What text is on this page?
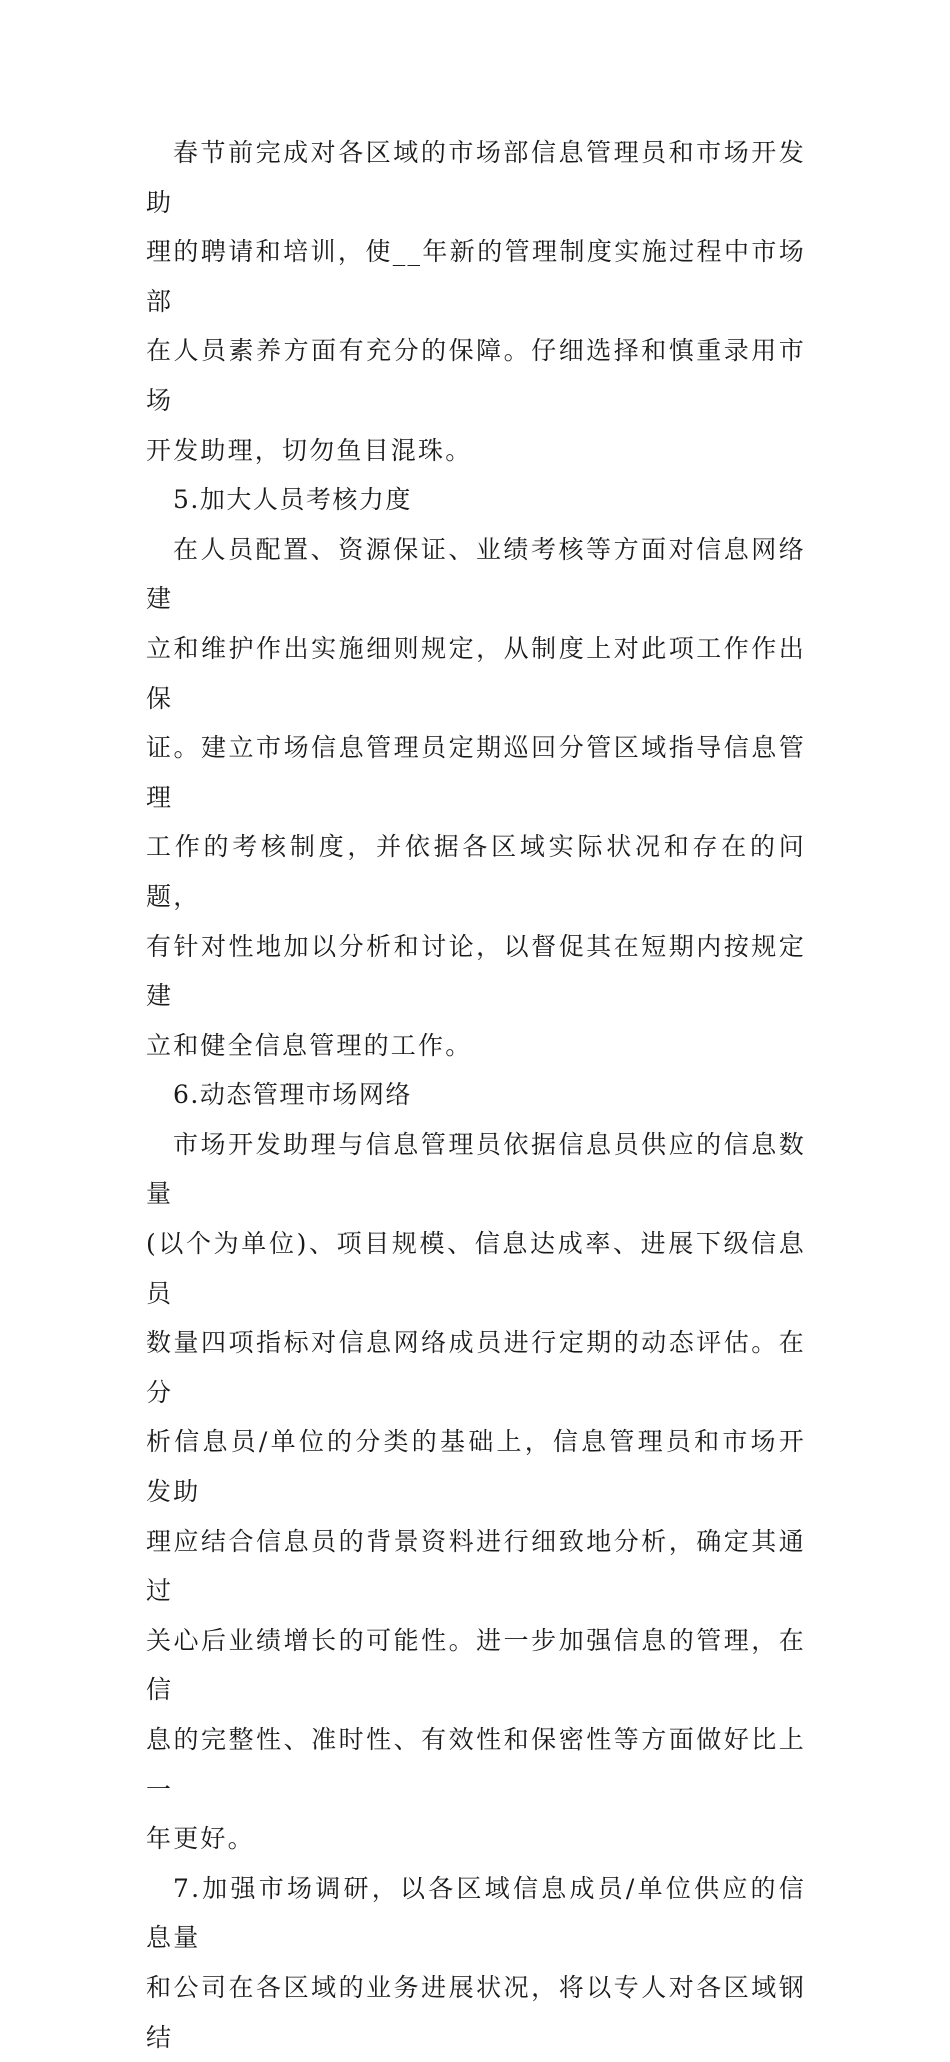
春节前完成对各区域的市场部信息管理员和市场开发助
理的聘请和培训，使__年新的管理制度实施过程中市场部
在人员素养方面有充分的保障。仔细选择和慎重录用市场
开发助理，切勿鱼目混珠。

5.加大人员考核力度

在人员配置、资源保证、业绩考核等方面对信息网络建
立和维护作出实施细则规定，从制度上对此项工作作出保
证。建立市场信息管理员定期巡回分管区域指导信息管理
工作的考核制度，并依据各区域实际状况和存在的问题，
有针对性地加以分析和讨论，以督促其在短期内按规定建
立和健全信息管理的工作。

6.动态管理市场网络

市场开发助理与信息管理员依据信息员供应的信息数量
(以个为单位)、项目规模、信息达成率、进展下级信息员
数量四项指标对信息网络成员进行定期的动态评估。在分
析信息员/单位的分类的基础上，信息管理员和市场开发助
理应结合信息员的背景资料进行细致地分析，确定其通过
关心后业绩增长的可能性。进一步加强信息的管理，在信
息的完整性、准时性、有效性和保密性等方面做好比上一
年更好。

7.加强市场调研，以各区域信息成员/单位供应的信息量
和公司在各区域的业务进展状况，将以专人对各区域钢结
